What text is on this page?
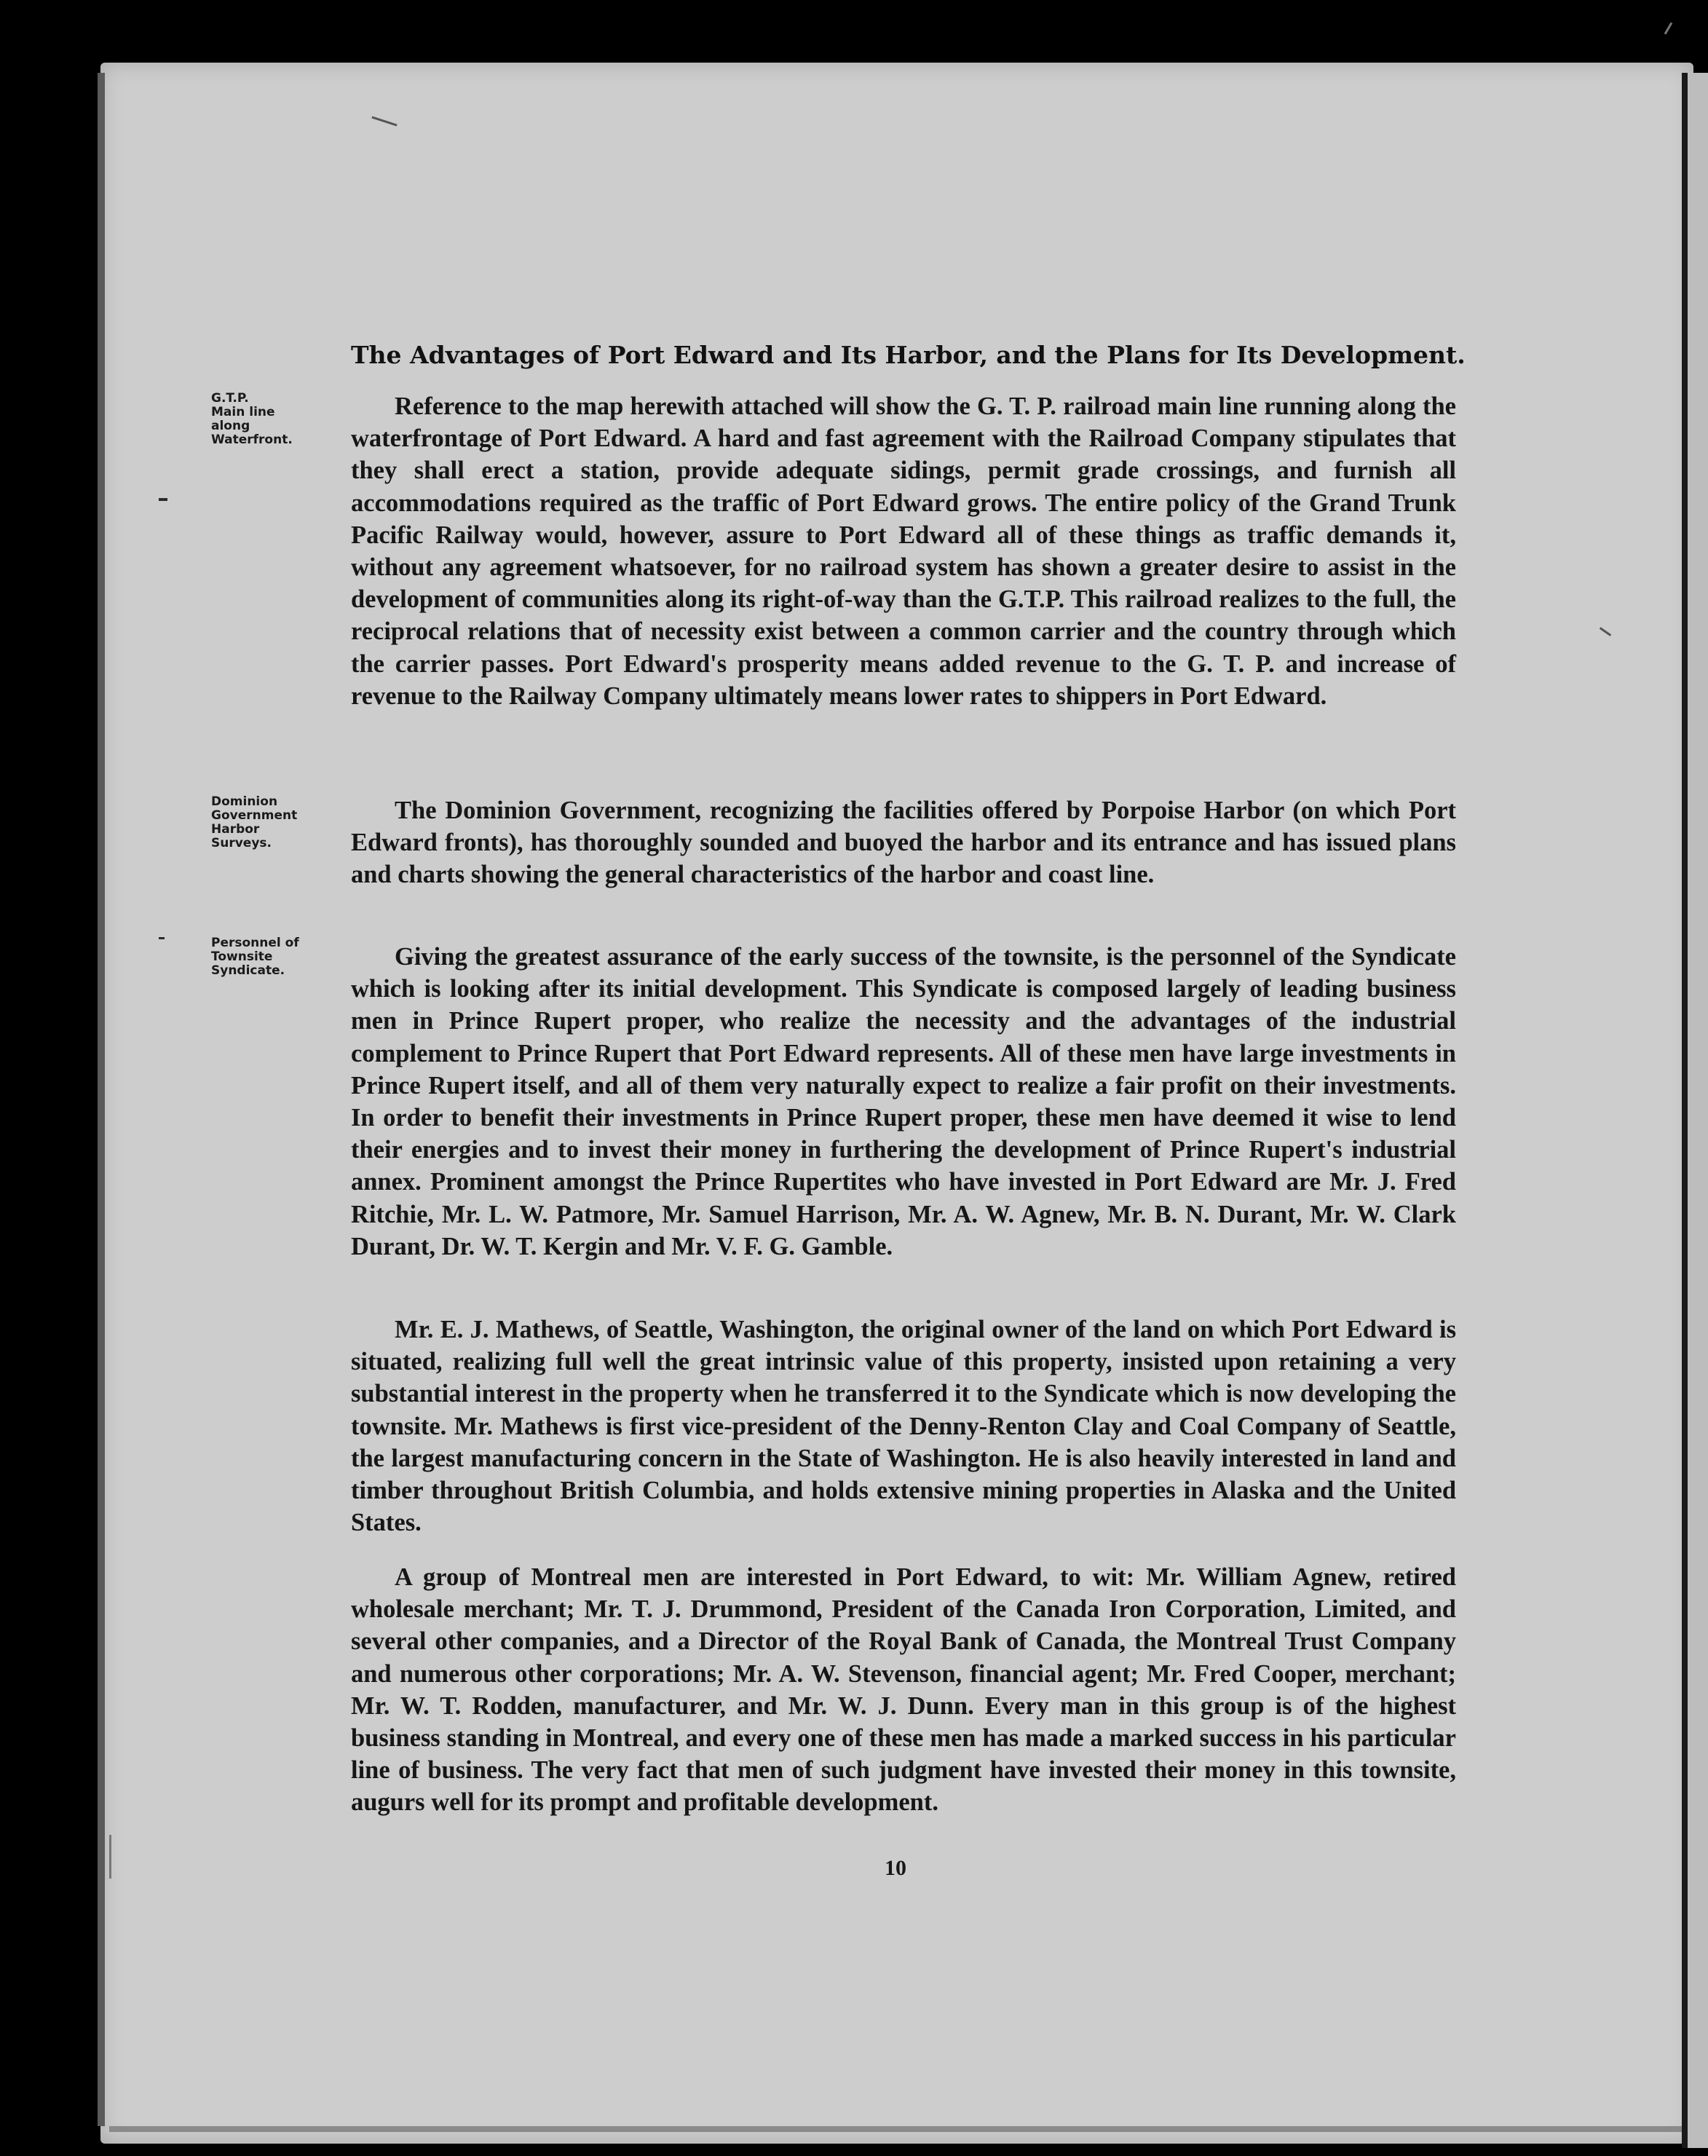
The Advantages of Port Edward and Its Harbor, and the Plans for Its Development.

G.T.P.
Main line
along
Waterfront.

Dominion
Government
Harbor
Surveys.

Personnel of
Townsite
Syndicate.

Reference to the map herewith attached will show the G. T. P. railroad main line running along the waterfrontage of Port Edward. A hard and fast agreement with the Railroad Company stipulates that they shall erect a station, provide adequate sidings, permit grade crossings, and furnish all accommodations required as the traffic of Port Edward grows. The entire policy of the Grand Trunk Pacific Railway would, however, assure to Port Edward all of these things as traffic demands it, without any agreement whatsoever, for no railroad system has shown a greater desire to assist in the development of communities along its right-of-way than the G.T.P. This railroad realizes to the full, the reciprocal relations that of necessity exist between a common carrier and the country through which the carrier passes. Port Edward's prosperity means added revenue to the G. T. P. and increase of revenue to the Railway Company ultimately means lower rates to shippers in Port Edward.

The Dominion Government, recognizing the facilities offered by Porpoise Harbor (on which Port Edward fronts), has thoroughly sounded and buoyed the harbor and its entrance and has issued plans and charts showing the general characteristics of the harbor and coast line.

Giving the greatest assurance of the early success of the townsite, is the personnel of the Syndicate which is looking after its initial development. This Syndicate is composed largely of leading business men in Prince Rupert proper, who realize the necessity and the advantages of the industrial complement to Prince Rupert that Port Edward represents. All of these men have large investments in Prince Rupert itself, and all of them very naturally expect to realize a fair profit on their investments. In order to benefit their investments in Prince Rupert proper, these men have deemed it wise to lend their energies and to invest their money in furthering the development of Prince Rupert's industrial annex. Prominent amongst the Prince Rupertites who have invested in Port Edward are Mr. J. Fred Ritchie, Mr. L. W. Patmore, Mr. Samuel Harrison, Mr. A. W. Agnew, Mr. B. N. Durant, Mr. W. Clark Durant, Dr. W. T. Kergin and Mr. V. F. G. Gamble.

Mr. E. J. Mathews, of Seattle, Washington, the original owner of the land on which Port Edward is situated, realizing full well the great intrinsic value of this property, insisted upon retaining a very substantial interest in the property when he transferred it to the Syndicate which is now developing the townsite. Mr. Mathews is first vice-president of the Denny-Renton Clay and Coal Company of Seattle, the largest manufacturing concern in the State of Washington. He is also heavily interested in land and timber throughout British Columbia, and holds extensive mining properties in Alaska and the United States.

A group of Montreal men are interested in Port Edward, to wit: Mr. William Agnew, retired wholesale merchant; Mr. T. J. Drummond, President of the Canada Iron Corporation, Limited, and several other companies, and a Director of the Royal Bank of Canada, the Montreal Trust Company and numerous other corporations; Mr. A. W. Stevenson, financial agent; Mr. Fred Cooper, merchant; Mr. W. T. Rodden, manufacturer, and Mr. W. J. Dunn. Every man in this group is of the highest business standing in Montreal, and every one of these men has made a marked success in his particular line of business. The very fact that men of such judgment have invested their money in this townsite, augurs well for its prompt and profitable development.

10
